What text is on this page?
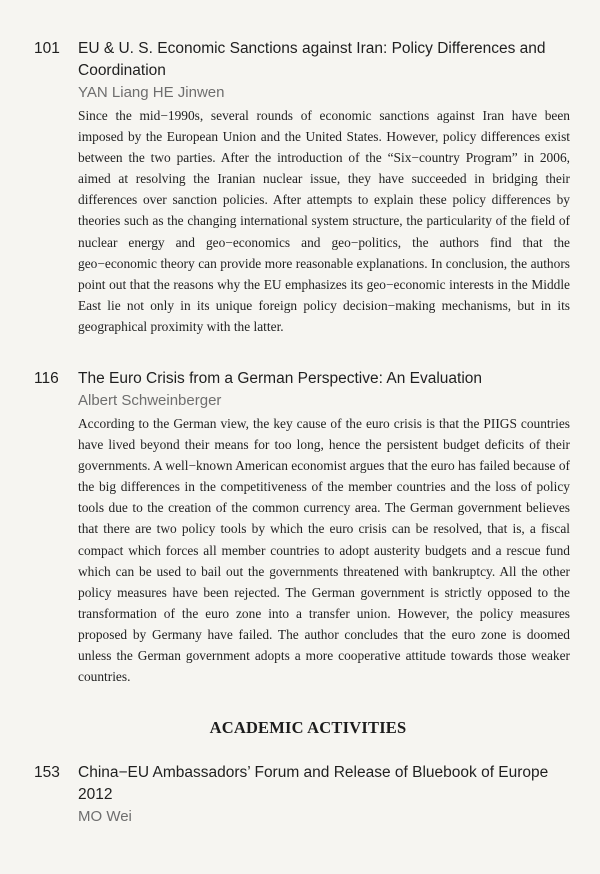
101 EU & U. S. Economic Sanctions against Iran: Policy Differences and Coordination
YAN Liang HE Jinwen
Since the mid−1990s, several rounds of economic sanctions against Iran have been imposed by the European Union and the United States. However, policy differences exist between the two parties. After the introduction of the “Six−country Program” in 2006, aimed at resolving the Iranian nuclear issue, they have succeeded in bridging their differences over sanction policies. After attempts to explain these policy differences by theories such as the changing international system structure, the particularity of the field of nuclear energy and geo−economics and geo−politics, the authors find that the geo−economic theory can provide more reasonable explanations. In conclusion, the authors point out that the reasons why the EU emphasizes its geo−economic interests in the Middle East lie not only in its unique foreign policy decision−making mechanisms, but in its geographical proximity with the latter.
116 The Euro Crisis from a German Perspective: An Evaluation
Albert Schweinberger
According to the German view, the key cause of the euro crisis is that the PIIGS countries have lived beyond their means for too long, hence the persistent budget deficits of their governments. A well−known American economist argues that the euro has failed because of the big differences in the competitiveness of the member countries and the loss of policy tools due to the creation of the common currency area. The German government believes that there are two policy tools by which the euro crisis can be resolved, that is, a fiscal compact which forces all member countries to adopt austerity budgets and a rescue fund which can be used to bail out the governments threatened with bankruptcy. All the other policy measures have been rejected. The German government is strictly opposed to the transformation of the euro zone into a transfer union. However, the policy measures proposed by Germany have failed. The author concludes that the euro zone is doomed unless the German government adopts a more cooperative attitude towards those weaker countries.
ACADEMIC ACTIVITIES
153 China−EU Ambassadors’ Forum and Release of Bluebook of Europe 2012
MO Wei
